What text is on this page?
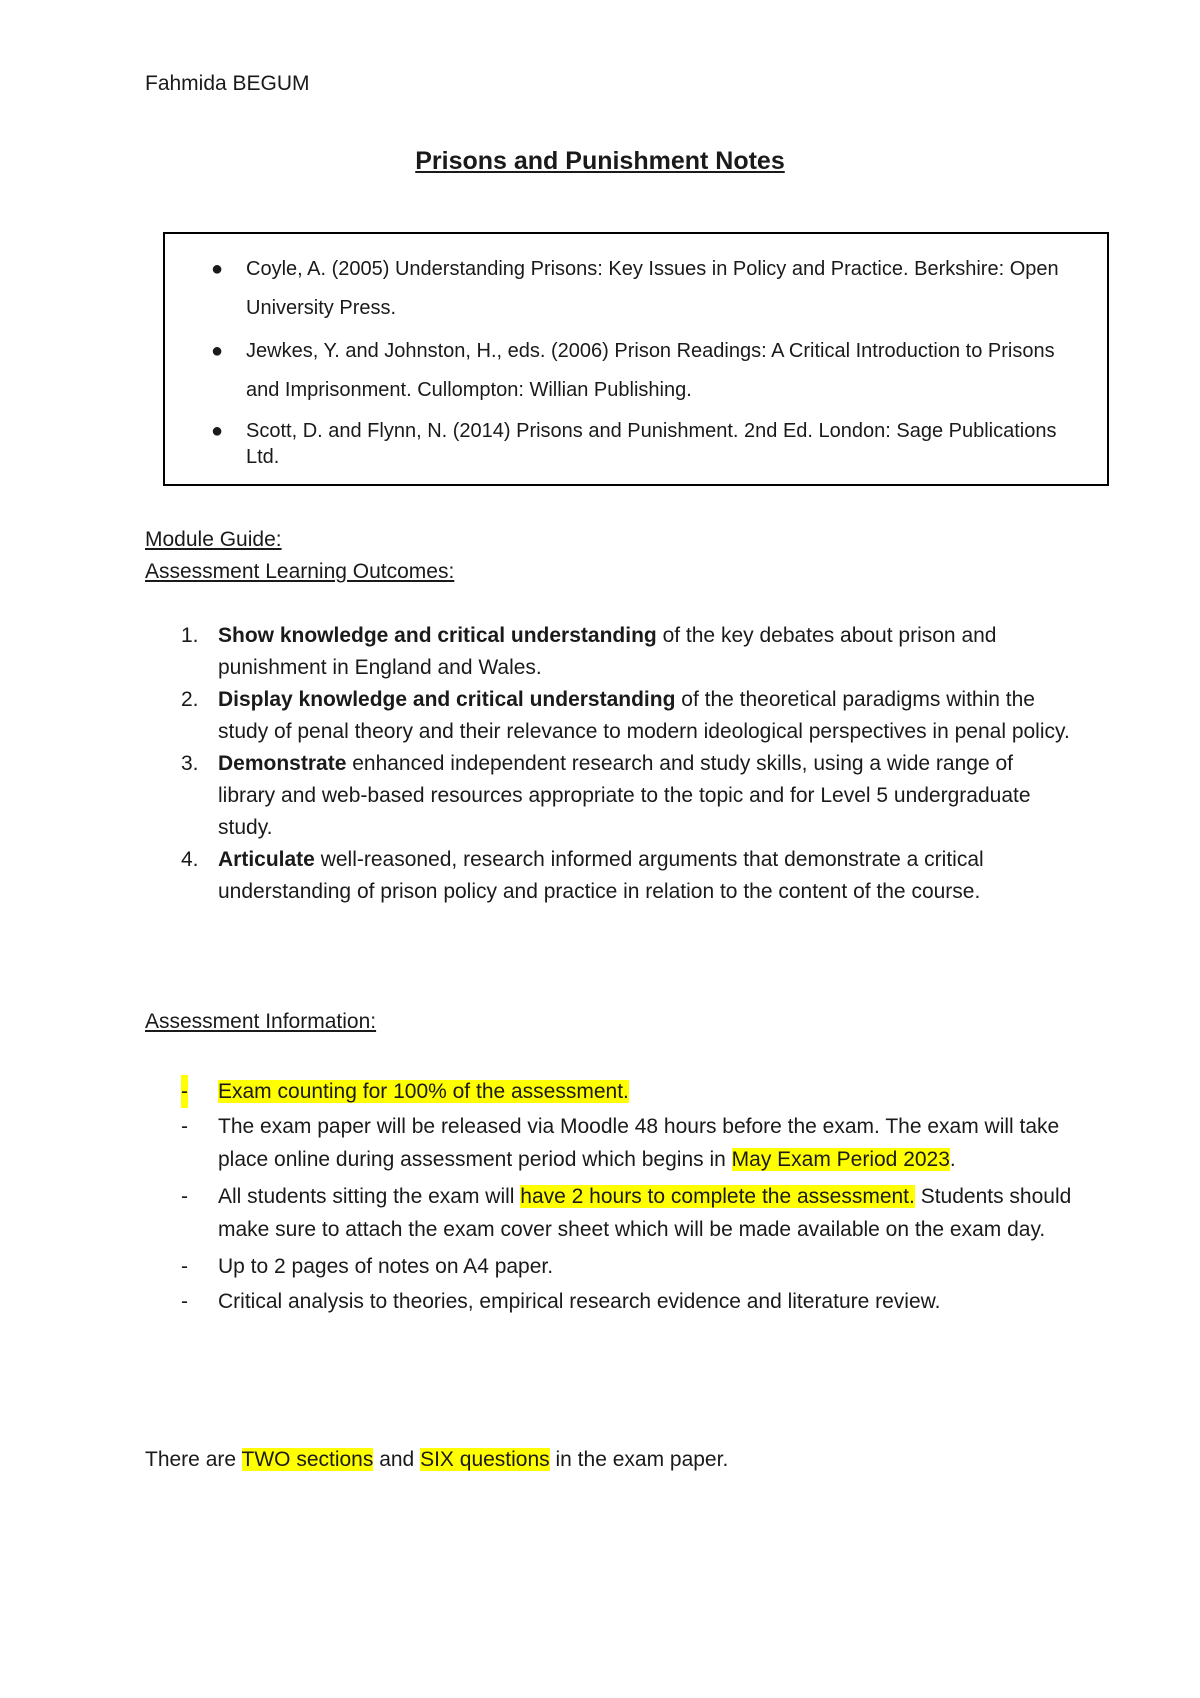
Fahmida BEGUM
Prisons and Punishment Notes
● Coyle, A. (2005) Understanding Prisons: Key Issues in Policy and Practice. Berkshire: Open University Press.
● Jewkes, Y. and Johnston, H., eds. (2006) Prison Readings: A Critical Introduction to Prisons and Imprisonment. Cullompton: Willian Publishing.
● Scott, D. and Flynn, N. (2014) Prisons and Punishment. 2nd Ed. London: Sage Publications Ltd.
Module Guide:
Assessment Learning Outcomes:
1. Show knowledge and critical understanding of the key debates about prison and punishment in England and Wales.
2. Display knowledge and critical understanding of the theoretical paradigms within the study of penal theory and their relevance to modern ideological perspectives in penal policy.
3. Demonstrate enhanced independent research and study skills, using a wide range of library and web-based resources appropriate to the topic and for Level 5 undergraduate study.
4. Articulate well-reasoned, research informed arguments that demonstrate a critical understanding of prison policy and practice in relation to the content of the course.
Assessment Information:
- Exam counting for 100% of the assessment.
- The exam paper will be released via Moodle 48 hours before the exam. The exam will take place online during assessment period which begins in May Exam Period 2023.
- All students sitting the exam will have 2 hours to complete the assessment. Students should make sure to attach the exam cover sheet which will be made available on the exam day.
- Up to 2 pages of notes on A4 paper.
- Critical analysis to theories, empirical research evidence and literature review.
There are TWO sections and SIX questions in the exam paper.
